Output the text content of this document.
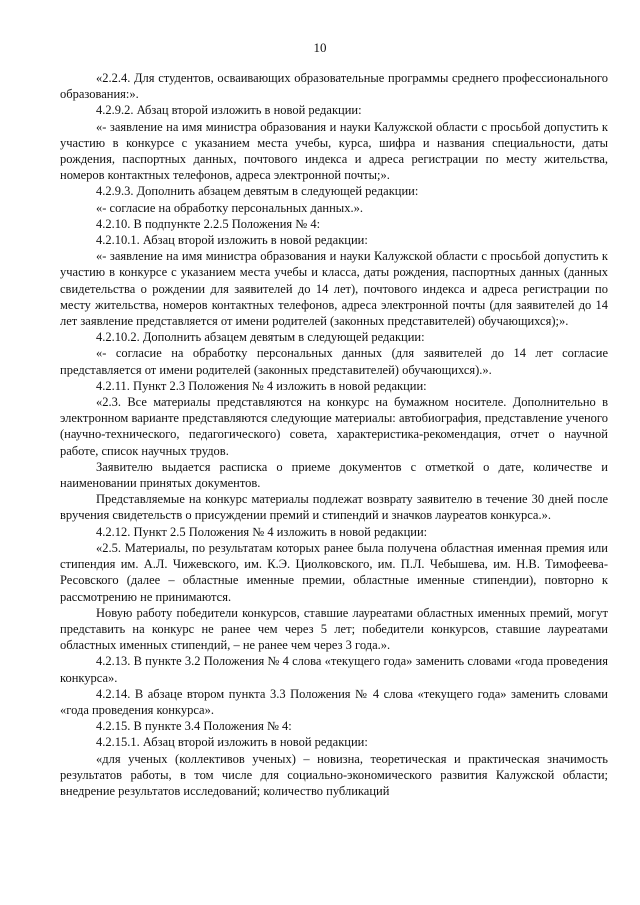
10

«2.2.4. Для студентов, осваивающих образовательные программы среднего профессионального образования:».

4.2.9.2. Абзац второй изложить в новой редакции:

«- заявление на имя министра образования и науки Калужской области с просьбой допустить к участию в конкурсе с указанием места учебы, курса, шифра и названия специальности, даты рождения, паспортных данных, почтового индекса и адреса регистрации по месту жительства, номеров контактных телефонов, адреса электронной почты;».

4.2.9.3. Дополнить абзацем девятым в следующей редакции:

«- согласие на обработку персональных данных.».

4.2.10. В подпункте 2.2.5 Положения № 4:

4.2.10.1. Абзац второй изложить в новой редакции:

«- заявление на имя министра образования и науки Калужской области с просьбой допустить к участию в конкурсе с указанием места учебы и класса, даты рождения, паспортных данных (данных свидетельства о рождении для заявителей до 14 лет), почтового индекса и адреса регистрации по месту жительства, номеров контактных телефонов, адреса электронной почты (для заявителей до 14 лет заявление представляется от имени родителей (законных представителей) обучающихся);».

4.2.10.2. Дополнить абзацем девятым в следующей редакции:

«- согласие на обработку персональных данных (для заявителей до 14 лет согласие представляется от имени родителей (законных представителей) обучающихся).».

4.2.11. Пункт 2.3 Положения № 4 изложить в новой редакции:

«2.3. Все материалы представляются на конкурс на бумажном носителе. Дополнительно в электронном варианте представляются следующие материалы: автобиография, представление ученого (научно-технического, педагогического) совета, характеристика-рекомендация, отчет о научной работе, список научных трудов.

Заявителю выдается расписка о приеме документов с отметкой о дате, количестве и наименовании принятых документов.

Представляемые на конкурс материалы подлежат возврату заявителю в течение 30 дней после вручения свидетельств о присуждении премий и стипендий и значков лауреатов конкурса.».

4.2.12. Пункт 2.5 Положения № 4 изложить в новой редакции:

«2.5. Материалы, по результатам которых ранее была получена областная именная премия или стипендия им. А.Л. Чижевского, им. К.Э. Циолковского, им. П.Л. Чебышева, им. Н.В. Тимофеева-Ресовского (далее – областные именные премии, областные именные стипендии), повторно к рассмотрению не принимаются.

Новую работу победители конкурсов, ставшие лауреатами областных именных премий, могут представить на конкурс не ранее чем через 5 лет; победители конкурсов, ставшие лауреатами областных именных стипендий, – не ранее чем через 3 года.».

4.2.13. В пункте 3.2 Положения № 4 слова «текущего года» заменить словами «года проведения конкурса».

4.2.14. В абзаце втором пункта 3.3 Положения № 4 слова «текущего года» заменить словами «года проведения конкурса».

4.2.15. В пункте 3.4 Положения № 4:

4.2.15.1. Абзац второй изложить в новой редакции:

«для ученых (коллективов ученых) – новизна, теоретическая и практическая значимость результатов работы, в том числе для социально-экономического развития Калужской области; внедрение результатов исследований; количество публикаций
